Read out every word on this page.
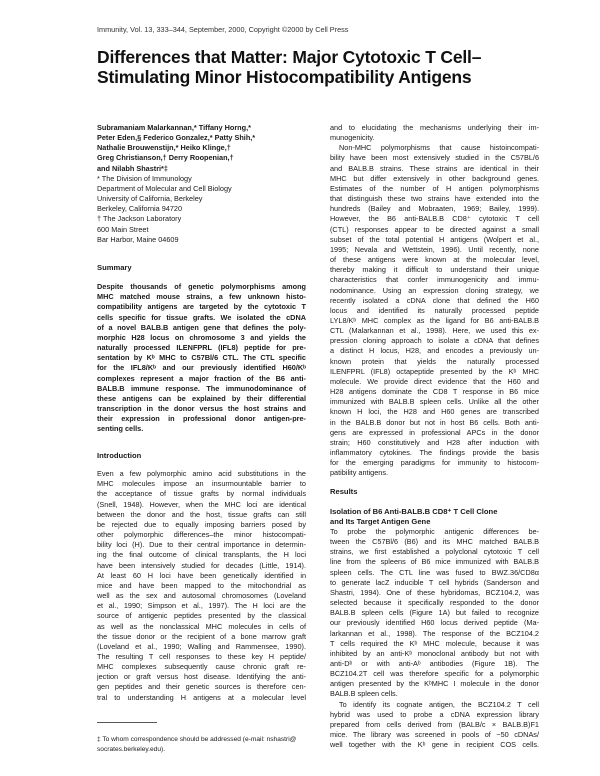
Immunity, Vol. 13, 333–344, September, 2000, Copyright ©2000 by Cell Press
Differences that Matter: Major Cytotoxic T Cell–
Stimulating Minor Histocompatibility Antigens
Subramaniam Malarkannan,* Tiffany Horng,*
Peter Eden,§ Federico Gonzalez,* Patty Shih,*
Nathalie Brouwenstijn,* Heiko Klinge,†
Greg Christianson,† Derry Roopenian,†
and Nilabh Shastri*‡
* The Division of Immunology
Department of Molecular and Cell Biology
University of California, Berkeley
Berkeley, California 94720
† The Jackson Laboratory
600 Main Street
Bar Harbor, Maine 04609
Summary
Despite thousands of genetic polymorphisms among
MHC matched mouse strains, a few unknown histo-
compatibility antigens are targeted by the cytotoxic T
cells specific for tissue grafts. We isolated the cDNA
of a novel BALB.B antigen gene that defines the poly-
morphic H28 locus on chromosome 3 and yields the
naturally processed ILENFPRL (IFL8) peptide for pre-
sentation by Kᵇ MHC to C57Bl/6 CTL. The CTL specific
for the IFL8/Kᵇ and our previously identified H60/Kᵇ
complexes represent a major fraction of the B6 anti-
BALB.B immune response. The immunodominance of
these antigens can be explained by their differential
transcription in the donor versus the host strains and
their expression in professional donor antigen-pre-
senting cells.
Introduction
Even a few polymorphic amino acid substitutions in the
MHC molecules impose an insurmountable barrier to
the acceptance of tissue grafts by normal individuals
(Snell, 1948). However, when the MHC loci are identical
between the donor and the host, tissue grafts can still
be rejected due to equally imposing barriers posed by
other polymorphic differences–the minor histocompati-
bility loci (H). Due to their central importance in determin-
ing the final outcome of clinical transplants, the H loci
have been intensively studied for decades (Little, 1914).
At least 60 H loci have been genetically identified in
mice and have been mapped to the mitochondrial as
well as the sex and autosomal chromosomes (Loveland
et al., 1990; Simpson et al., 1997). The H loci are the
source of antigenic peptides presented by the classical
as well as the nonclassical MHC molecules in cells of
the tissue donor or the recipient of a bone marrow graft
(Loveland et al., 1990; Walling and Rammensee, 1990).
The resulting T cell responses to these key H peptide/
MHC complexes subsequently cause chronic graft re-
jection or graft versus host disease. Identifying the anti-
gen peptides and their genetic sources is therefore cen-
tral to understanding H antigens at a molecular level
‡ To whom correspondence should be addressed (e-mail: nshastri@
socrates.berkeley.edu).
and to elucidating the mechanisms underlying their im-
munogenicity.
Non-MHC polymorphisms that cause histoincompati-
bility have been most extensively studied in the C57BL/6
and BALB.B strains. These strains are identical in their
MHC but differ extensively in other background genes.
Estimates of the number of H antigen polymorphisms
that distinguish these two strains have extended into the
hundreds (Bailey and Mobraaten, 1969; Bailey, 1999).
However, the B6 anti-BALB.B CD8⁺ cytotoxic T cell
(CTL) responses appear to be directed against a small
subset of the total potential H antigens (Wolpert et al.,
1995; Nevala and Wettstein, 1996). Until recently, none
of these antigens were known at the molecular level,
thereby making it difficult to understand their unique
characteristics that confer immunogenicity and immu-
nodominance. Using an expression cloning strategy, we
recently isolated a cDNA clone that defined the H60
locus and identified its naturally processed peptide
LYL8/Kᵇ MHC complex as the ligand for B6 anti-BALB.B
CTL (Malarkannan et al., 1998). Here, we used this ex-
pression cloning approach to isolate a cDNA that defines
a distinct H locus, H28, and encodes a previously un-
known protein that yields the naturally processed
ILENFPRL (IFL8) octapeptide presented by the Kᵇ MHC
molecule. We provide direct evidence that the H60 and
H28 antigens dominate the CD8 T response in B6 mice
immunized with BALB.B spleen cells. Unlike all the other
known H loci, the H28 and H60 genes are transcribed
in the BALB.B donor but not in host B6 cells. Both anti-
gens are expressed in professional APCs in the donor
strain; H60 constitutively and H28 after induction with
inflammatory cytokines. The findings provide the basis
for the emerging paradigms for immunity to histocom-
patibility antigens.
Results
Isolation of B6 Anti-BALB.B CD8⁺ T Cell Clone
and Its Target Antigen Gene
To probe the polymorphic antigenic differences be-
tween the C57Bl/6 (B6) and its MHC matched BALB.B
strains, we first established a polyclonal cytotoxic T cell
line from the spleens of B6 mice immunized with BALB.B
spleen cells. The CTL line was fused to BWZ.36/CD8α
to generate lacZ inducible T cell hybrids (Sanderson and
Shastri, 1994). One of these hybridomas, BCZ104.2, was
selected because it specifically responded to the donor
BALB.B spleen cells (Figure 1A) but failed to recognize
our previously identified H60 locus derived peptide (Ma-
larkannan et al., 1998). The response of the BCZ104.2
T cells required the Kᵇ MHC molecule, because it was
inhibited by an anti-Kᵇ monoclonal antibody but not with
anti-Dᵇ or with anti-Aᵇ antibodies (Figure 1B). The
BCZ104.2T cell was therefore specific for a polymorphic
antigen presented by the KᵇMHC I molecule in the donor
BALB.B spleen cells.
To identify its cognate antigen, the BCZ104.2 T cell
hybrid was used to probe a cDNA expression library
prepared from cells derived from (BALB/c × BALB.B)F1
mice. The library was screened in pools of ~50 cDNAs/
well together with the Kᵇ gene in recipient COS cells.
